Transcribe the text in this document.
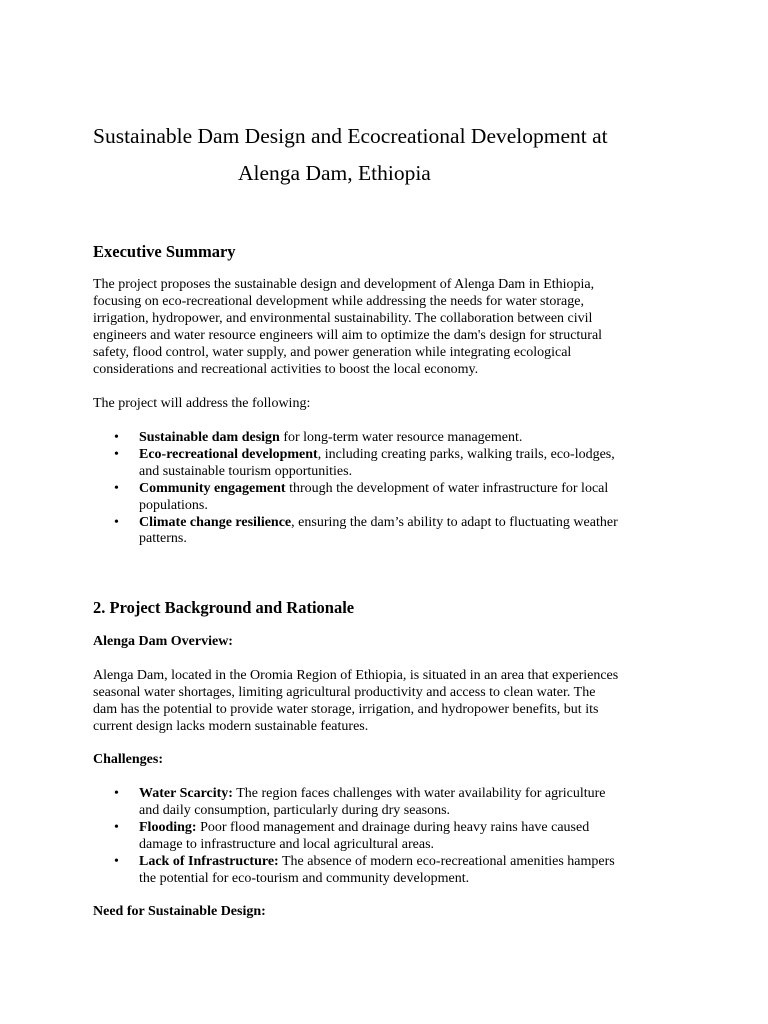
Sustainable Dam Design and Ecocreational Development at
Alenga Dam, Ethiopia
Executive Summary

The project proposes the sustainable design and development of Alenga Dam in Ethiopia,

focusing on eco-recreational development while addressing the needs for water storage,

irrigation, hydropower, and environmental sustainability. The collaboration between civil

engineers and water resource engineers will aim to optimize the dam's design for structural

safety, flood control, water supply, and power generation while integrating ecological

considerations and recreational activities to boost the local economy.

The project will address the following:

• Sustainable dam design for long-term water resource management.
• Eco-recreational development, including creating parks, walking trails, eco-lodges,
and sustainable tourism opportunities.
• Community engagement through the development of water infrastructure for local
populations.
• Climate change resilience, ensuring the dam’s ability to adapt to fluctuating weather
patterns.
2. Project Background and Rationale
Alenga Dam Overview:

Alenga Dam, located in the Oromia Region of Ethiopia, is situated in an area that experiences

seasonal water shortages, limiting agricultural productivity and access to clean water. The

dam has the potential to provide water storage, irrigation, and hydropower benefits, but its

current design lacks modern sustainable features.

Challenges:
• Water Scarcity: The region faces challenges with water availability for agriculture
and daily consumption, particularly during dry seasons.
• Flooding: Poor flood management and drainage during heavy rains have caused
damage to infrastructure and local agricultural areas.
• Lack of Infrastructure: The absence of modern eco-recreational amenities hampers
the potential for eco-tourism and community development.
Need for Sustainable Design:
